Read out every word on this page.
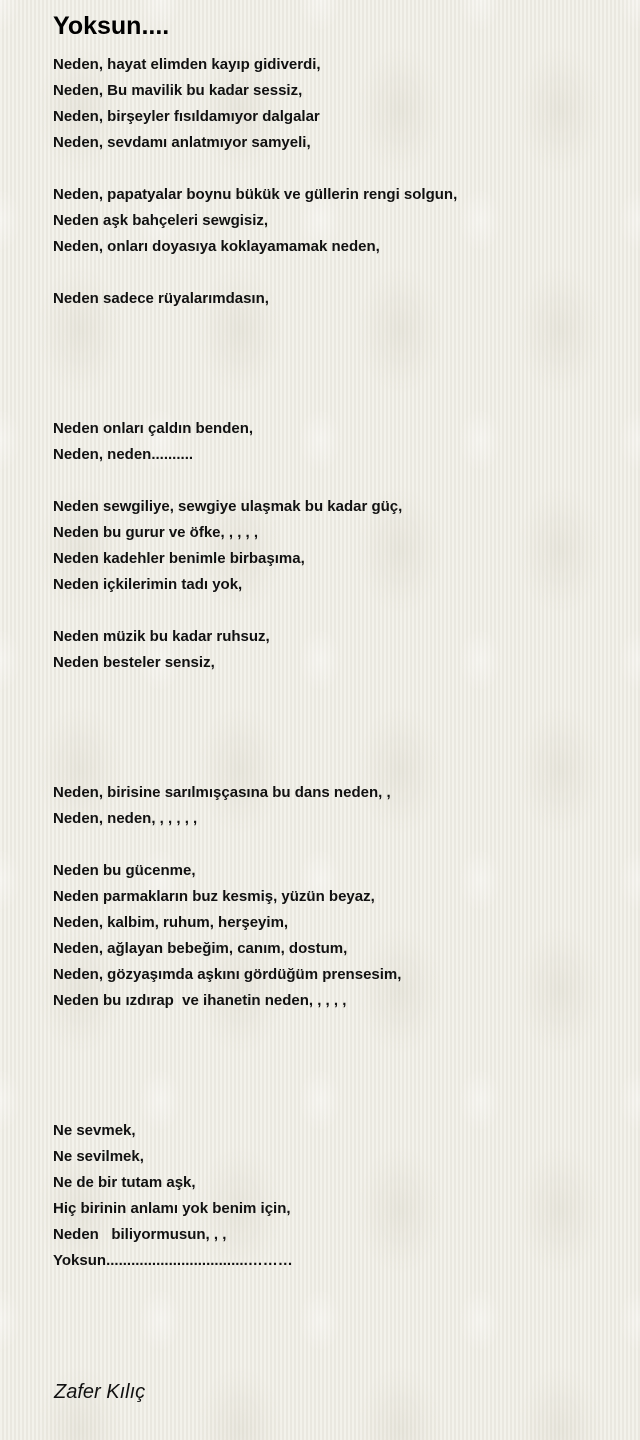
Yoksun....
Neden, hayat elimden kayıp gidiverdi,
Neden, Bu mavilik bu kadar sessiz,
Neden, birşeyler fısıldamıyor dalgalar
Neden, sevdamı anlatmıyor samyeli,
Neden, papatyalar boynu bükük ve güllerin rengi solgun,
Neden aşk bahçeleri sewgisiz,
Neden, onları doyasıya koklayamamak neden,
Neden sadece rüyalarımdasın,
Neden onları çaldın benden,
Neden, neden..........
Neden sewgiliye, sewgiye ulaşmak bu kadar güç,
Neden bu gurur ve öfke, , , , ,
Neden kadehler benimle birbaşıma,
Neden içkilerimin tadı yok,
Neden müzik bu kadar ruhsuz,
Neden besteler sensiz,
Neden, birisine sarılmışçasına bu dans neden, ,
Neden, neden, , , , , ,
Neden bu gücenme,
Neden parmakların buz kesmiş, yüzün beyaz,
Neden, kalbim, ruhum, herşeyim,
Neden, ağlayan bebeğim, canım, dostum,
Neden, gözyaşımda aşkını gördüğüm prensesim,
Neden bu ızdırap  ve ihanetin neden, , , , ,
Ne sevmek,
Ne sevilmek,
Ne de bir tutam aşk,
Hiç birinin anlamı yok benim için,
Neden   biliyormusun, , ,
Yoksun..................................………
Zafer Kılıç
